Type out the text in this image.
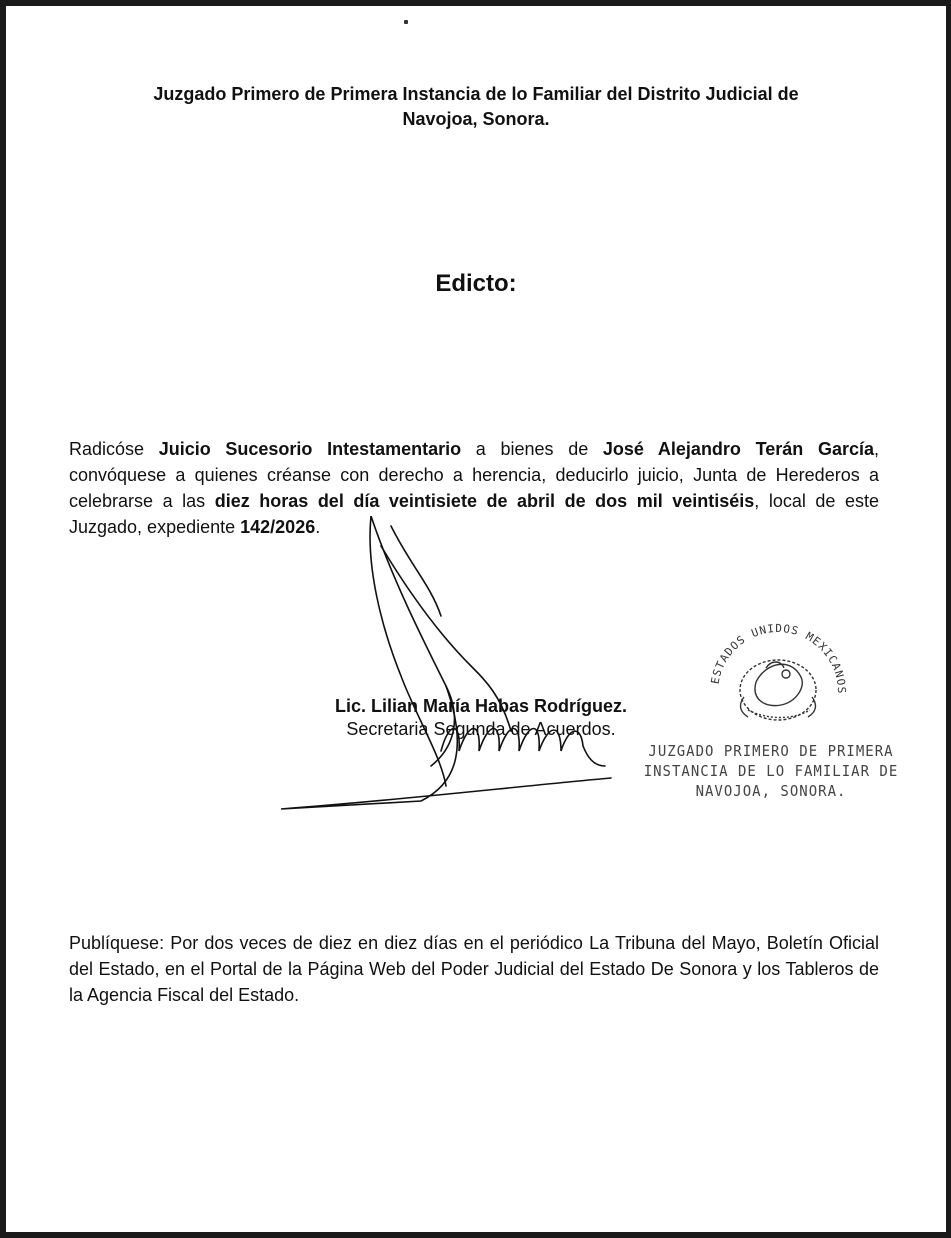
Juzgado Primero de Primera Instancia de lo Familiar del Distrito Judicial de
Navojoa, Sonora.
Edicto:
Radicóse Juicio Sucesorio Intestamentario a bienes de José Alejandro Terán García, convóquese a quienes créanse con derecho a herencia, deducirlo juicio, Junta de Herederos a celebrarse a las diez horas del día veintisiete de abril de dos mil veintiséis, local de este Juzgado, expediente 142/2026.
Lic. Lilian María Habas Rodríguez.
Secretaria Segunda de Acuerdos.
ESTADOS UNIDOS MEXICANOS
JUZGADO PRIMERO DE PRIMERA
INSTANCIA DE LO FAMILIAR DE
NAVOJOA, SONORA.
Publíquese: Por dos veces de diez en diez días en el periódico La Tribuna del Mayo, Boletín Oficial del Estado, en el Portal de la Página Web del Poder Judicial del Estado De Sonora y los Tableros de la Agencia Fiscal del Estado.
